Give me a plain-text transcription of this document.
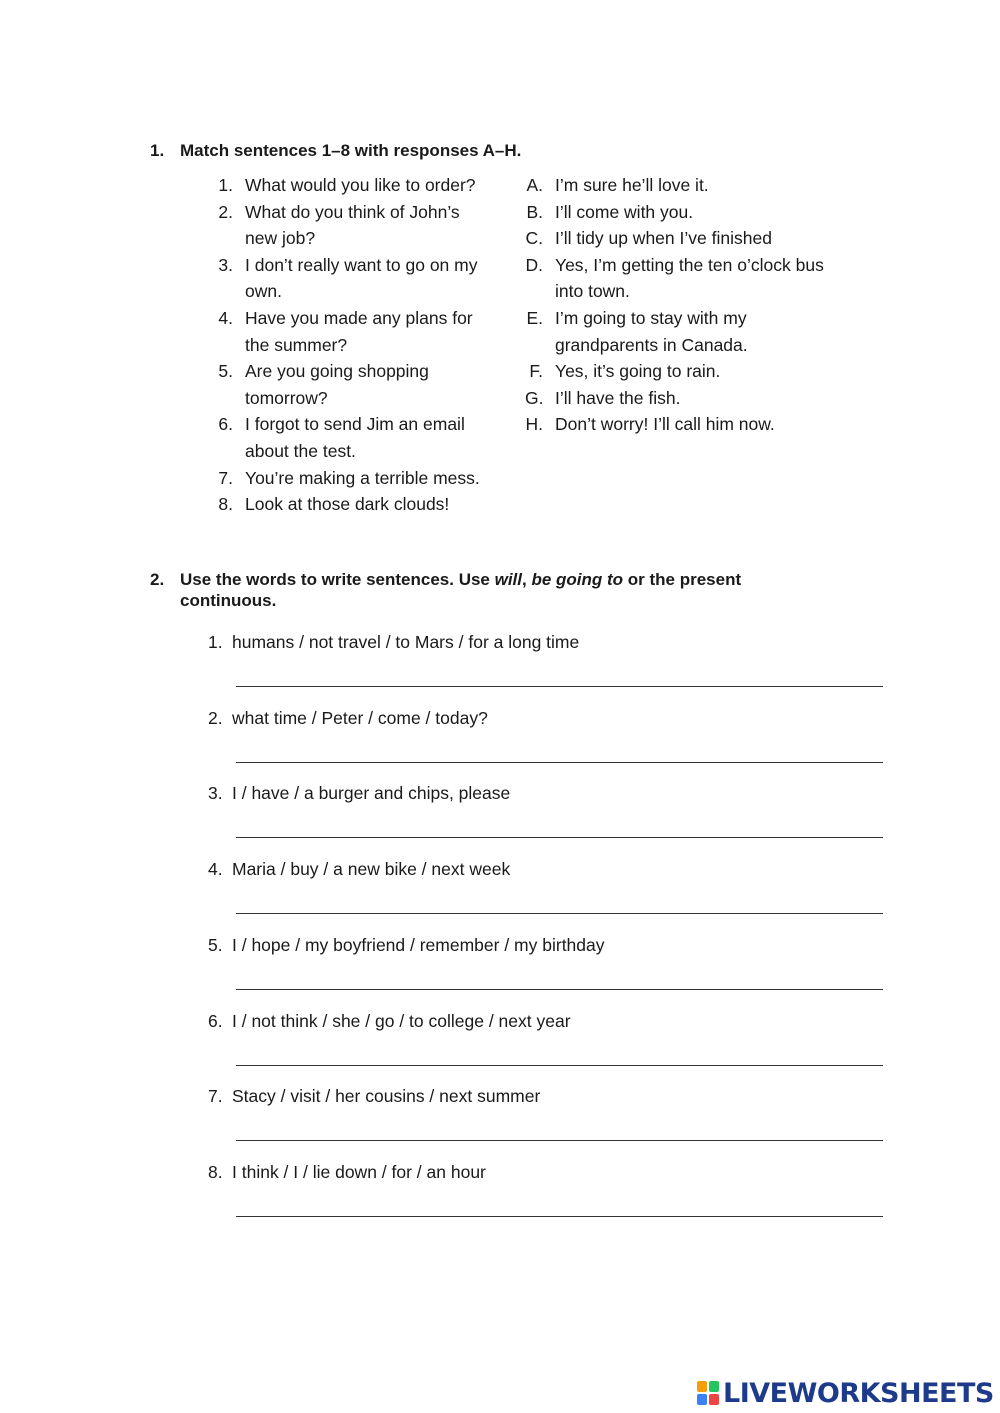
1. Match sentences 1–8 with responses A–H.
1. What would you like to order?
2. What do you think of John’s
new job?
3. I don’t really want to go on my
own.
4. Have you made any plans for
the summer?
5. Are you going shopping
tomorrow?
6. I forgot to send Jim an email
about the test.
7. You’re making a terrible mess.
8. Look at those dark clouds!
A. I’m sure he’ll love it.
B. I’ll come with you.
C. I’ll tidy up when I’ve finished
D. Yes, I’m getting the ten o’clock bus
into town.
E. I’m going to stay with my
grandparents in Canada.
F. Yes, it’s going to rain.
G. I’ll have the fish.
H. Don’t worry! I’ll call him now.
2. Use the words to write sentences. Use will, be going to or the present
continuous.
1. humans / not travel / to Mars / for a long time
2. what time / Peter / come / today?
3. I / have / a burger and chips, please
4. Maria / buy / a new bike / next week
5. I / hope / my boyfriend / remember / my birthday
6. I / not think / she / go / to college / next year
7. Stacy / visit / her cousins / next summer
8. I think / I / lie down / for / an hour
LIVEWORKSHEETS
